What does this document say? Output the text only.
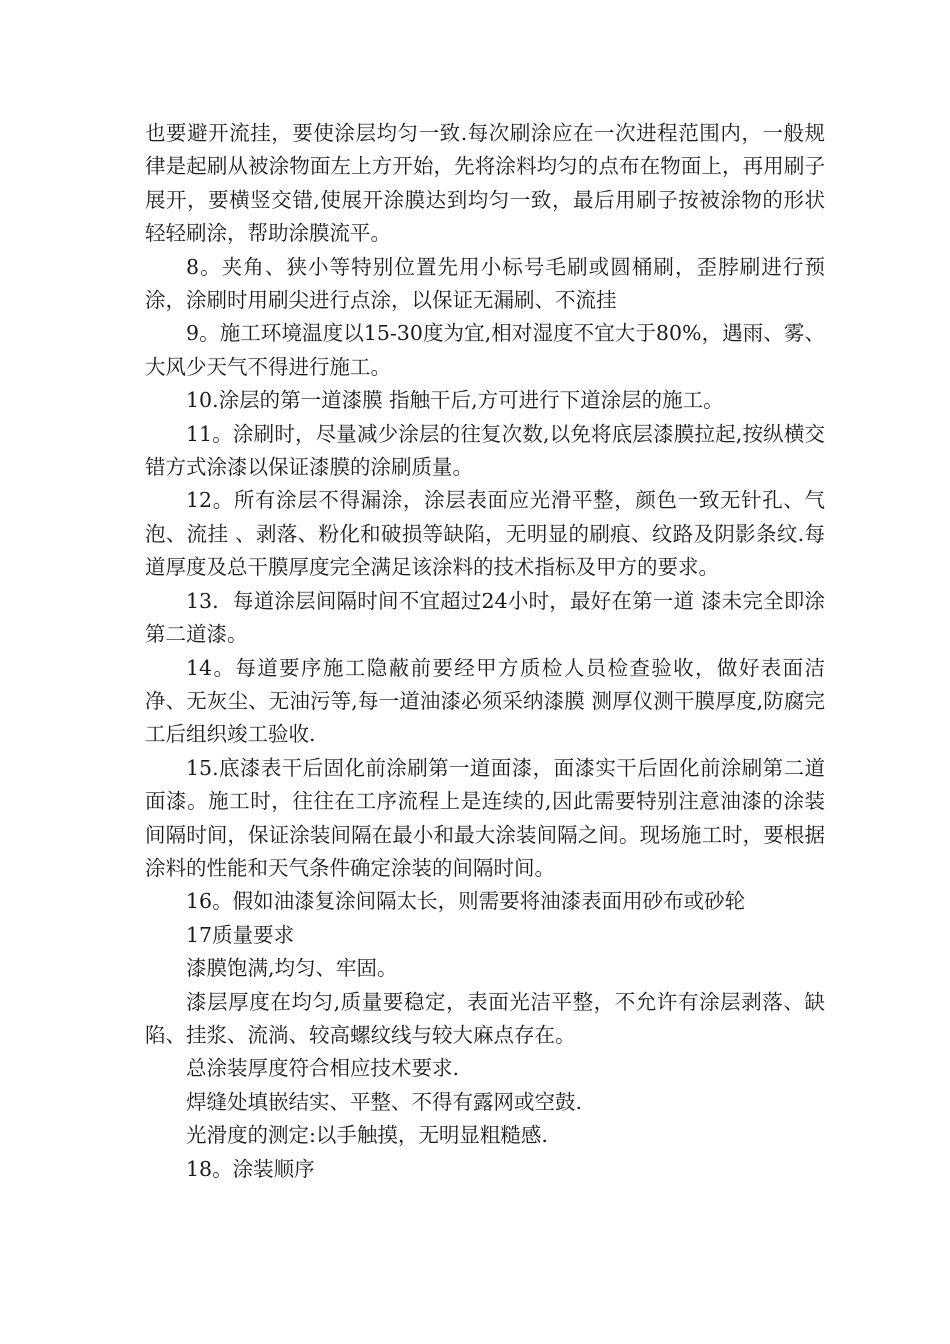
也要避开流挂，要使涂层均匀一致.每次刷涂应在一次进程范围内，一般规律是起刷从被涂物面左上方开始，先将涂料均匀的点布在物面上，再用刷子展开，要横竖交错,使展开涂膜达到均匀一致，最后用刷子按被涂物的形状轻轻刷涂，帮助涂膜流平。

8。夹角、狭小等特别位置先用小标号毛刷或圆桶刷，歪脖刷进行预涂，涂刷时用刷尖进行点涂，以保证无漏刷、不流挂

9。施工环境温度以15-30度为宜,相对湿度不宜大于80%，遇雨、雾、大风少天气不得进行施工。

10.涂层的第一道漆膜 指触干后,方可进行下道涂层的施工。

11。涂刷时，尽量减少涂层的往复次数,以免将底层漆膜拉起,按纵横交错方式涂漆以保证漆膜的涂刷质量。

12。所有涂层不得漏涂，涂层表面应光滑平整，颜色一致无针孔、气泡、流挂 、剥落、粉化和破损等缺陷，无明显的刷痕、纹路及阴影条纹.每道厚度及总干膜厚度完全满足该涂料的技术指标及甲方的要求。

13．每道涂层间隔时间不宜超过24小时，最好在第一道 漆未完全即涂第二道漆。

14。每道要序施工隐蔽前要经甲方质检人员检查验收，做好表面洁净、无灰尘、无油污等,每一道油漆必须采纳漆膜 测厚仪测干膜厚度,防腐完工后组织竣工验收.

15.底漆表干后固化前涂刷第一道面漆，面漆实干后固化前涂刷第二道面漆。施工时，往往在工序流程上是连续的,因此需要特别注意油漆的涂装间隔时间，保证涂装间隔在最小和最大涂装间隔之间。现场施工时，要根据涂料的性能和天气条件确定涂装的间隔时间。

16。假如油漆复涂间隔太长，则需要将油漆表面用砂布或砂轮

17质量要求

漆膜饱满,均匀、牢固。

漆层厚度在均匀,质量要稳定，表面光洁平整，不允许有涂层剥落、缺陷、挂浆、流淌、较高螺纹线与较大麻点存在。

总涂装厚度符合相应技术要求.

焊缝处填嵌结实、平整、不得有露网或空鼓.

光滑度的测定:以手触摸，无明显粗糙感.

18。涂装顺序
